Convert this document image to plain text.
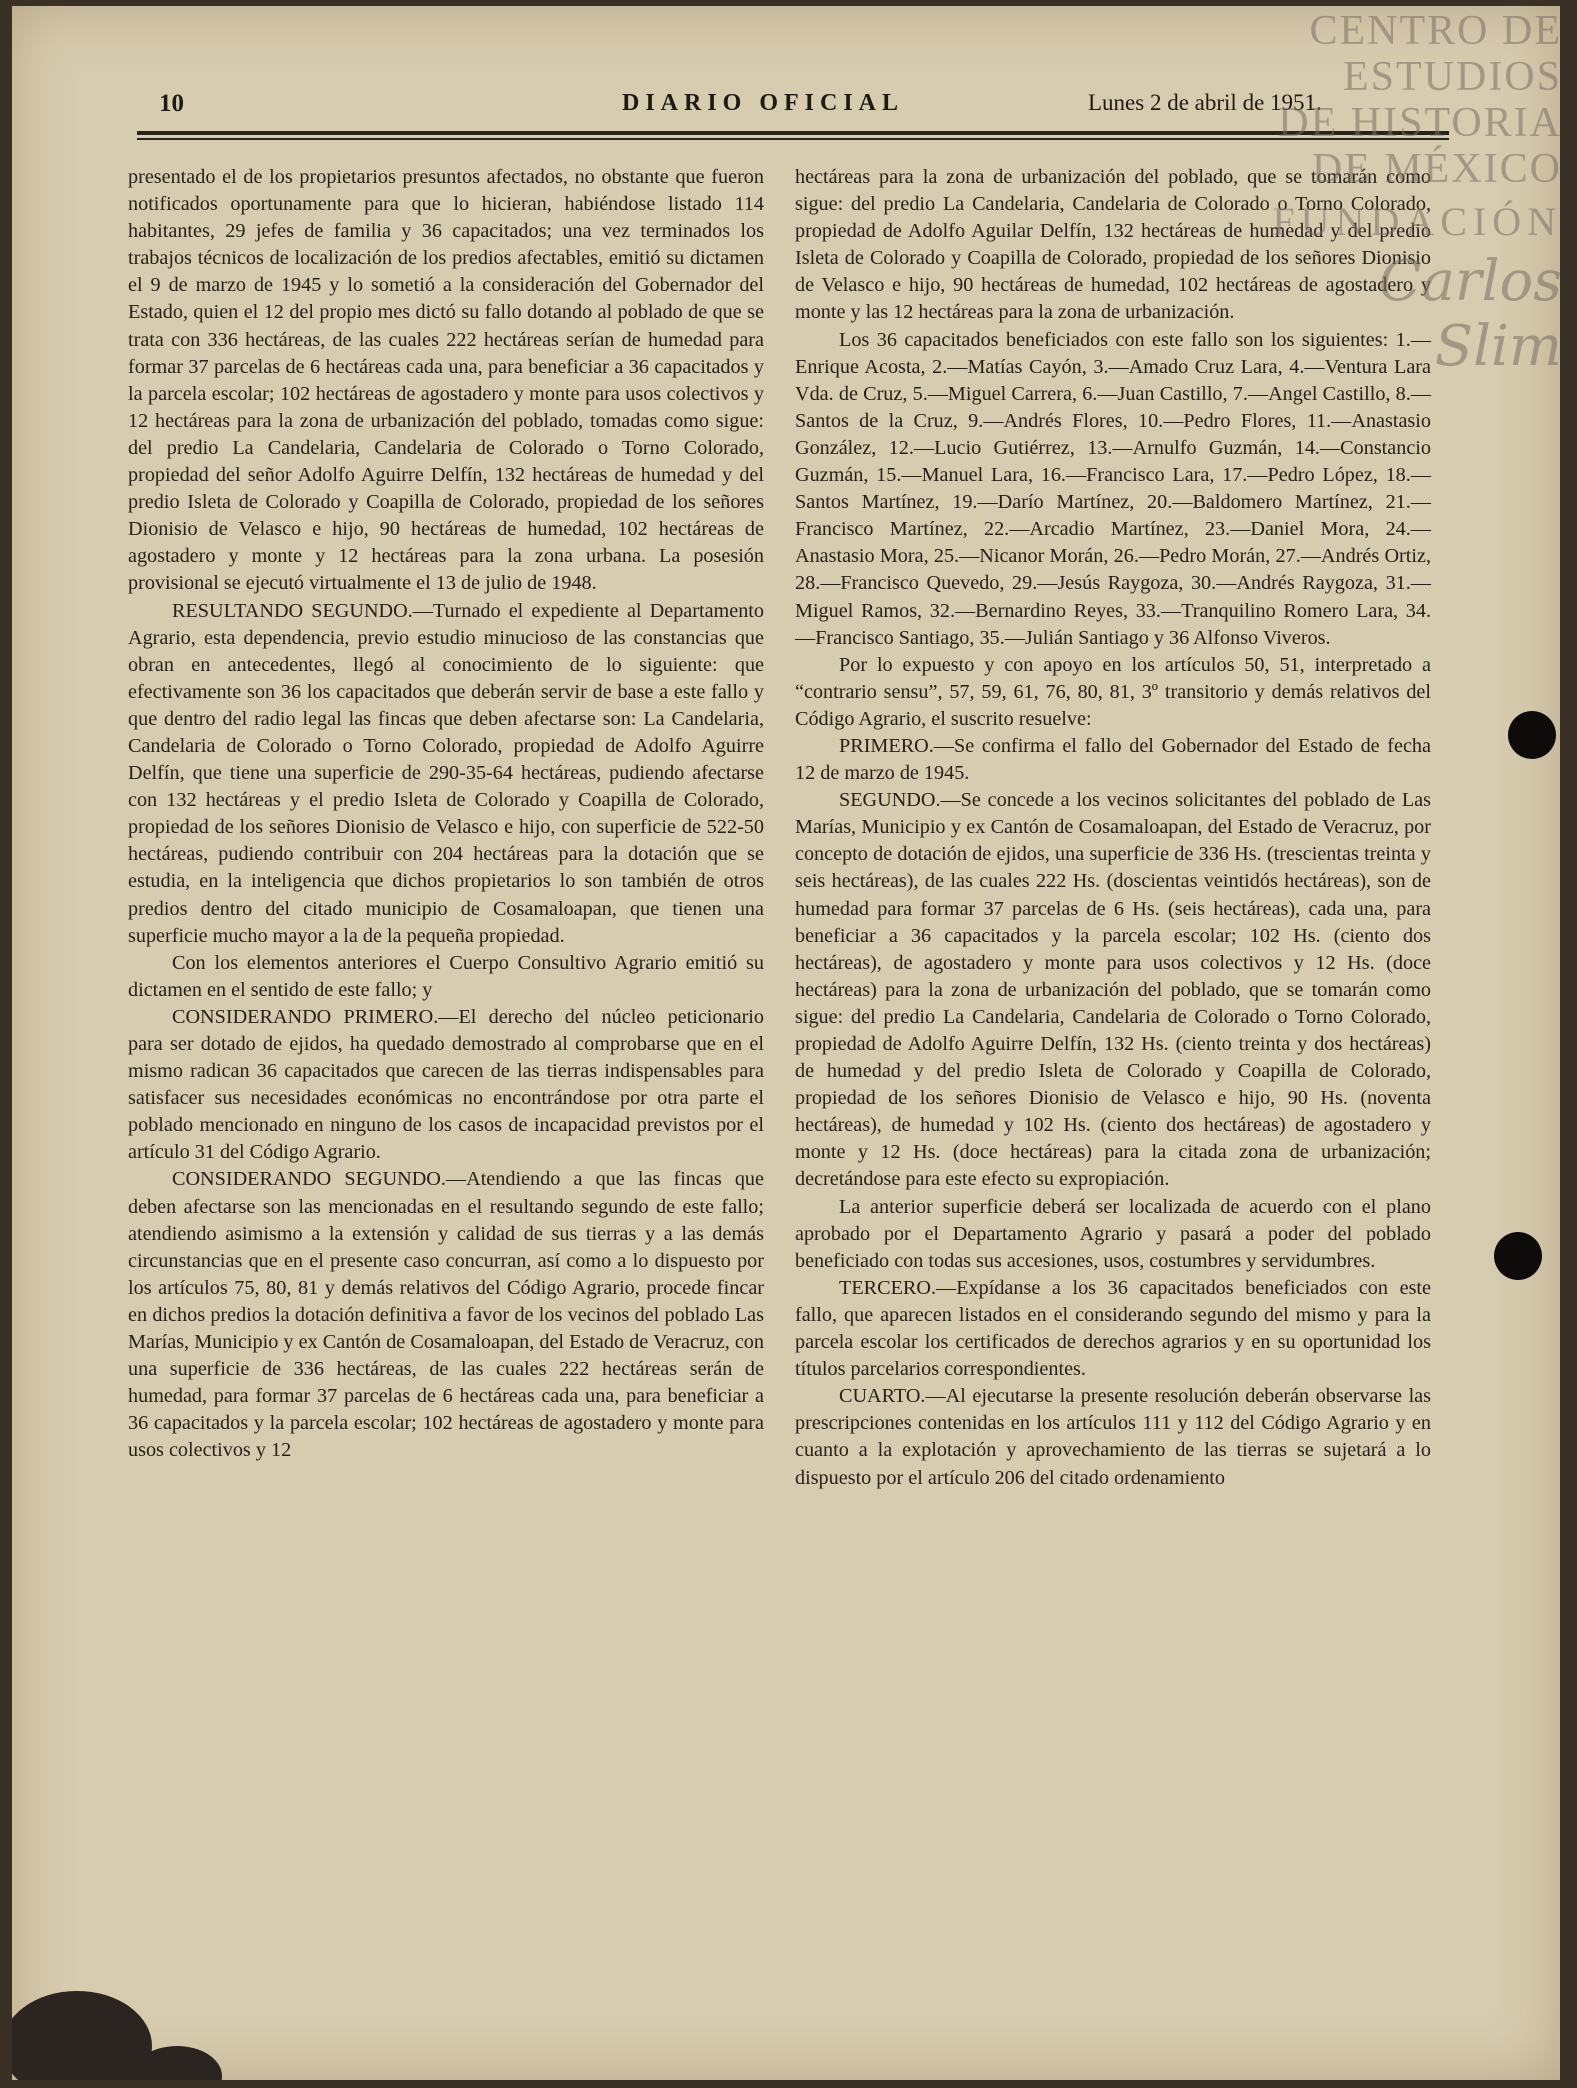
10	DIARIO OFICIAL	Lunes 2 de abril de 1951.

presentado el de los propietarios presuntos afectados, no obstante que fueron notificados oportunamente para que lo hicieran, habiéndose listado 114 habitantes, 29 jefes de familia y 36 capacitados; una vez terminados los trabajos técnicos de localización de los predios afectables, emitió su dictamen el 9 de marzo de 1945 y lo sometió a la consideración del Gobernador del Estado, quien el 12 del propio mes dictó su fallo dotando al poblado de que se trata con 336 hectáreas, de las cuales 222 hectáreas serían de humedad para formar 37 parcelas de 6 hectáreas cada una, para beneficiar a 36 capacitados y la parcela escolar; 102 hectáreas de agostadero y monte para usos colectivos y 12 hectáreas para la zona de urbanización del poblado, tomadas como sigue: del predio La Candelaria, Candelaria de Colorado o Torno Colorado, propiedad del señor Adolfo Aguirre Delfín, 132 hectáreas de humedad y del predio Isleta de Colorado y Coapilla de Colorado, propiedad de los señores Dionisio de Velasco e hijo, 90 hectáreas de humedad, 102 hectáreas de agostadero y monte y 12 hectáreas para la zona urbana. La posesión provisional se ejecutó virtualmente el 13 de julio de 1948.

RESULTANDO SEGUNDO.—Turnado el expediente al Departamento Agrario, esta dependencia, previo estudio minucioso de las constancias que obran en antecedentes, llegó al conocimiento de lo siguiente: que efectivamente son 36 los capacitados que deberán servir de base a este fallo y que dentro del radio legal las fincas que deben afectarse son: La Candelaria, Candelaria de Colorado o Torno Colorado, propiedad de Adolfo Aguirre Delfín, que tiene una superficie de 290-35-64 hectáreas, pudiendo afectarse con 132 hectáreas y el predio Isleta de Colorado y Coapilla de Colorado, propiedad de los señores Dionisio de Velasco e hijo, con superficie de 522-50 hectáreas, pudiendo contribuir con 204 hectáreas para la dotación que se estudia, en la inteligencia que dichos propietarios lo son también de otros predios dentro del citado municipio de Cosamaloapan, que tienen una superficie mucho mayor a la de la pequeña propiedad.

Con los elementos anteriores el Cuerpo Consultivo Agrario emitió su dictamen en el sentido de este fallo; y

CONSIDERANDO PRIMERO.—El derecho del núcleo peticionario para ser dotado de ejidos, ha quedado demostrado al comprobarse que en el mismo radican 36 capacitados que carecen de las tierras indispensables para satisfacer sus necesidades económicas no encontrándose por otra parte el poblado mencionado en ninguno de los casos de incapacidad previstos por el artículo 31 del Código Agrario.

CONSIDERANDO SEGUNDO.—Atendiendo a que las fincas que deben afectarse son las mencionadas en el resultando segundo de este fallo; atendiendo asimismo a la extensión y calidad de sus tierras y a las demás circunstancias que en el presente caso concurran, así como a lo dispuesto por los artículos 75, 80, 81 y demás relativos del Código Agrario, procede fincar en dichos predios la dotación definitiva a favor de los vecinos del poblado Las Marías, Municipio y ex Cantón de Cosamaloapan, del Estado de Veracruz, con una superficie de 336 hectáreas, de las cuales 222 hectáreas serán de humedad, para formar 37 parcelas de 6 hectáreas cada una, para beneficiar a 36 capacitados y la parcela escolar; 102 hectáreas de agostadero y monte para usos colectivos y 12

hectáreas para la zona de urbanización del poblado, que se tomarán como sigue: del predio La Candelaria, Candelaria de Colorado o Torno Colorado, propiedad de Adolfo Aguilar Delfín, 132 hectáreas de humedad y del predio Isleta de Colorado y Coapilla de Colorado, propiedad de los señores Dionisio de Velasco e hijo, 90 hectáreas de humedad, 102 hectáreas de agostadero y monte y las 12 hectáreas para la zona de urbanización.

Los 36 capacitados beneficiados con este fallo son los siguientes: 1.—Enrique Acosta, 2.—Matías Cayón, 3.—Amado Cruz Lara, 4.—Ventura Lara Vda. de Cruz, 5.—Miguel Carrera, 6.—Juan Castillo, 7.—Angel Castillo, 8.—Santos de la Cruz, 9.—Andrés Flores, 10.—Pedro Flores, 11.—Anastasio González, 12.—Lucio Gutiérrez, 13.—Arnulfo Guzmán, 14.—Constancio Guzmán, 15.—Manuel Lara, 16.—Francisco Lara, 17.—Pedro López, 18.—Santos Martínez, 19.—Darío Martínez, 20.—Baldomero Martínez, 21.—Francisco Martínez, 22.—Arcadio Martínez, 23.—Daniel Mora, 24.—Anastasio Mora, 25.—Nicanor Morán, 26.—Pedro Morán, 27.—Andrés Ortiz, 28.—Francisco Quevedo, 29.—Jesús Raygoza, 30.—Andrés Raygoza, 31.—Miguel Ramos, 32.—Bernardino Reyes, 33.—Tranquilino Romero Lara, 34.—Francisco Santiago, 35.—Julián Santiago y 36 Alfonso Viveros.

Por lo expuesto y con apoyo en los artículos 50, 51, interpretado a “contrario sensu”, 57, 59, 61, 76, 80, 81, 3º transitorio y demás relativos del Código Agrario, el suscrito resuelve:

PRIMERO.—Se confirma el fallo del Gobernador del Estado de fecha 12 de marzo de 1945.

SEGUNDO.—Se concede a los vecinos solicitantes del poblado de Las Marías, Municipio y ex Cantón de Cosamaloapan, del Estado de Veracruz, por concepto de dotación de ejidos, una superficie de 336 Hs. (trescientas treinta y seis hectáreas), de las cuales 222 Hs. (doscientas veintidós hectáreas), son de humedad para formar 37 parcelas de 6 Hs. (seis hectáreas), cada una, para beneficiar a 36 capacitados y la parcela escolar; 102 Hs. (ciento dos hectáreas), de agostadero y monte para usos colectivos y 12 Hs. (doce hectáreas) para la zona de urbanización del poblado, que se tomarán como sigue: del predio La Candelaria, Candelaria de Colorado o Torno Colorado, propiedad de Adolfo Aguirre Delfín, 132 Hs. (ciento treinta y dos hectáreas) de humedad y del predio Isleta de Colorado y Coapilla de Colorado, propiedad de los señores Dionisio de Velasco e hijo, 90 Hs. (noventa hectáreas), de humedad y 102 Hs. (ciento dos hectáreas) de agostadero y monte y 12 Hs. (doce hectáreas) para la citada zona de urbanización; decretándose para este efecto su expropiación.

La anterior superficie deberá ser localizada de acuerdo con el plano aprobado por el Departamento Agrario y pasará a poder del poblado beneficiado con todas sus accesiones, usos, costumbres y servidumbres.

TERCERO.—Expídanse a los 36 capacitados beneficiados con este fallo, que aparecen listados en el considerando segundo del mismo y para la parcela escolar los certificados de derechos agrarios y en su oportunidad los títulos parcelarios correspondientes.

CUARTO.—Al ejecutarse la presente resolución deberán observarse las prescripciones contenidas en los artículos 111 y 112 del Código Agrario y en cuanto a la explotación y aprovechamiento de las tierras se sujetará a lo dispuesto por el artículo 206 del citado ordenamiento

CENTRO DE
ESTUDIOS
DE HISTORIA
DE MÉXICO
FUNDACIÓN
Carlos Slim
